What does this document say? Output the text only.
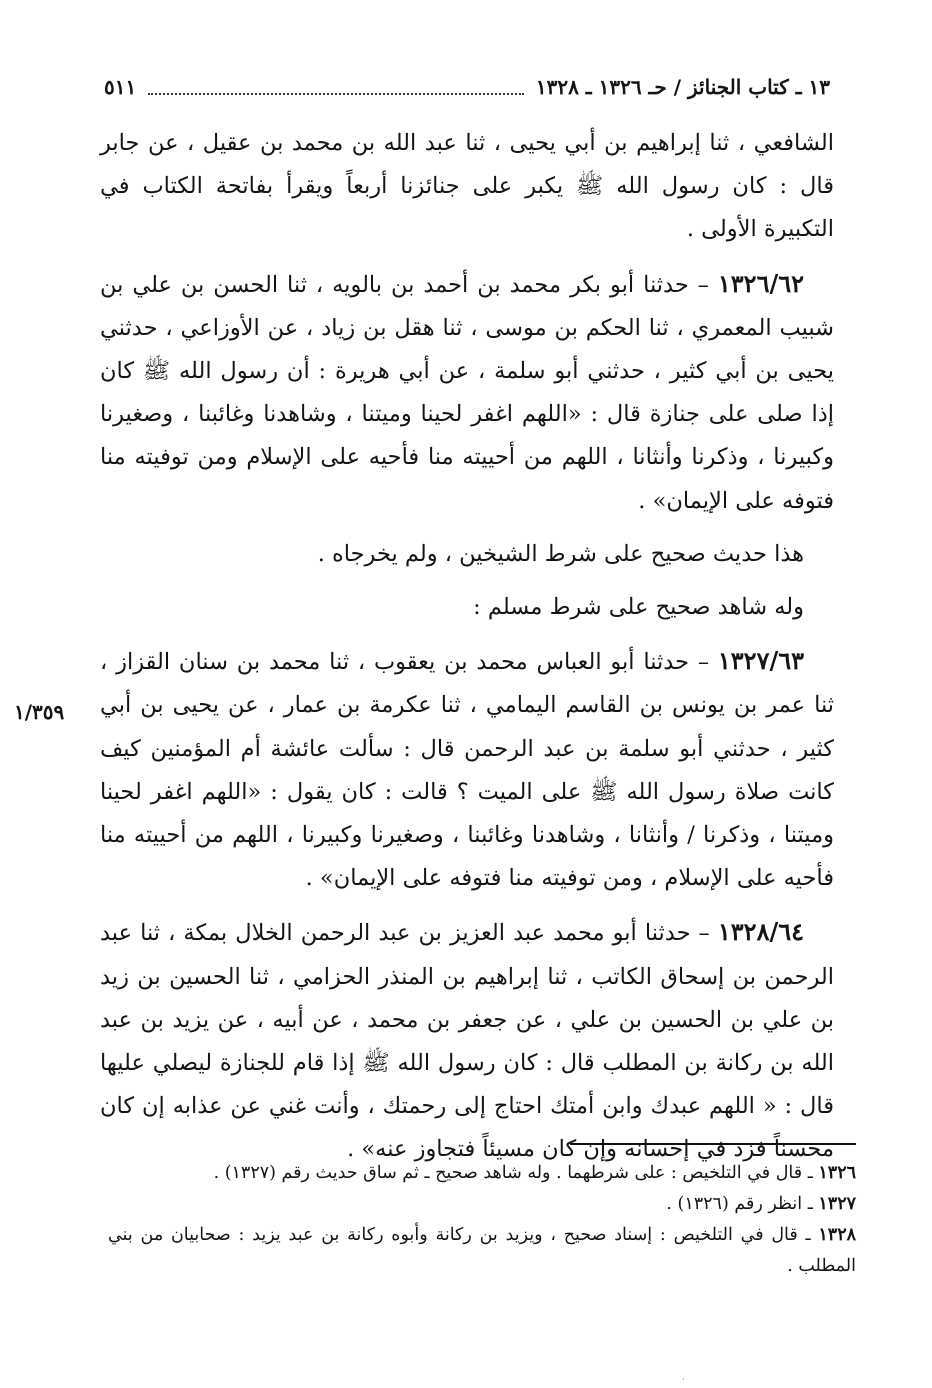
١٣ ـ كتاب الجنائز / حـ ١٣٢٦ ـ ١٣٢٨
٥١١

الشافعي ، ثنا إبراهيم بن أبي يحيى ، ثنا عبد الله بن محمد بن عقيل ، عن جابر قال : كان رسول الله ﷺ يكبر على جنائزنا أربعاً ويقرأ بفاتحة الكتاب في التكبيرة الأولى .

١٣٢٦/٦٢ – حدثنا أبو بكر محمد بن أحمد بن بالويه ، ثنا الحسن بن علي بن شبيب المعمري ، ثنا الحكم بن موسى ، ثنا هقل بن زياد ، عن الأوزاعي ، حدثني يحيى بن أبي كثير ، حدثني أبو سلمة ، عن أبي هريرة : أن رسول الله ﷺ كان إذا صلى على جنازة قال : «اللهم اغفر لحينا وميتنا ، وشاهدنا وغائبنا ، وصغيرنا وكبيرنا ، وذكرنا وأنثانا ، اللهم من أحييته منا فأحيه على الإسلام ومن توفيته منا فتوفه على الإيمان» .

هذا حديث صحيح على شرط الشيخين ، ولم يخرجاه .

وله شاهد صحيح على شرط مسلم :

١٣٢٧/٦٣ – حدثنا أبو العباس محمد بن يعقوب ، ثنا محمد بن سنان القزاز ، ثنا عمر بن يونس بن القاسم اليمامي ، ثنا عكرمة بن عمار ، عن يحيى بن أبي كثير ، حدثني أبو سلمة بن عبد الرحمن قال : سألت عائشة أم المؤمنين كيف كانت صلاة رسول الله ﷺ على الميت ؟ قالت : كان يقول : «اللهم اغفر لحينا وميتنا ، وذكرنا / وأنثانا ، وشاهدنا وغائبنا ، وصغيرنا وكبيرنا ، اللهم من أحييته منا فأحيه على الإسلام ، ومن توفيته منا فتوفه على الإيمان» .

١٣٢٨/٦٤ – حدثنا أبو محمد عبد العزيز بن عبد الرحمن الخلال بمكة ، ثنا عبد الرحمن بن إسحاق الكاتب ، ثنا إبراهيم بن المنذر الحزامي ، ثنا الحسين بن زيد بن علي بن الحسين بن علي ، عن جعفر بن محمد ، عن أبيه ، عن يزيد بن عبد الله بن ركانة بن المطلب قال : كان رسول الله ﷺ إذا قام للجنازة ليصلي عليها قال : « اللهم عبدك وابن أمتك احتاج إلى رحمتك ، وأنت غني عن عذابه إن كان محسناً فزد في إحسانه وإن كان مسيئاً فتجاوز عنه» .

١/٣٥٩

١٣٢٦ ـ قال في التلخيص : على شرطهما . وله شاهد صحيح ـ ثم ساق حديث رقم (١٣٢٧) .

١٣٢٧ ـ انظر رقم (١٣٢٦) .

١٣٢٨ ـ قال في التلخيص : إسناد صحيح ، ويزيد بن ركانة وأبوه ركانة بن عبد يزيد : صحابيان من بني المطلب .

·
